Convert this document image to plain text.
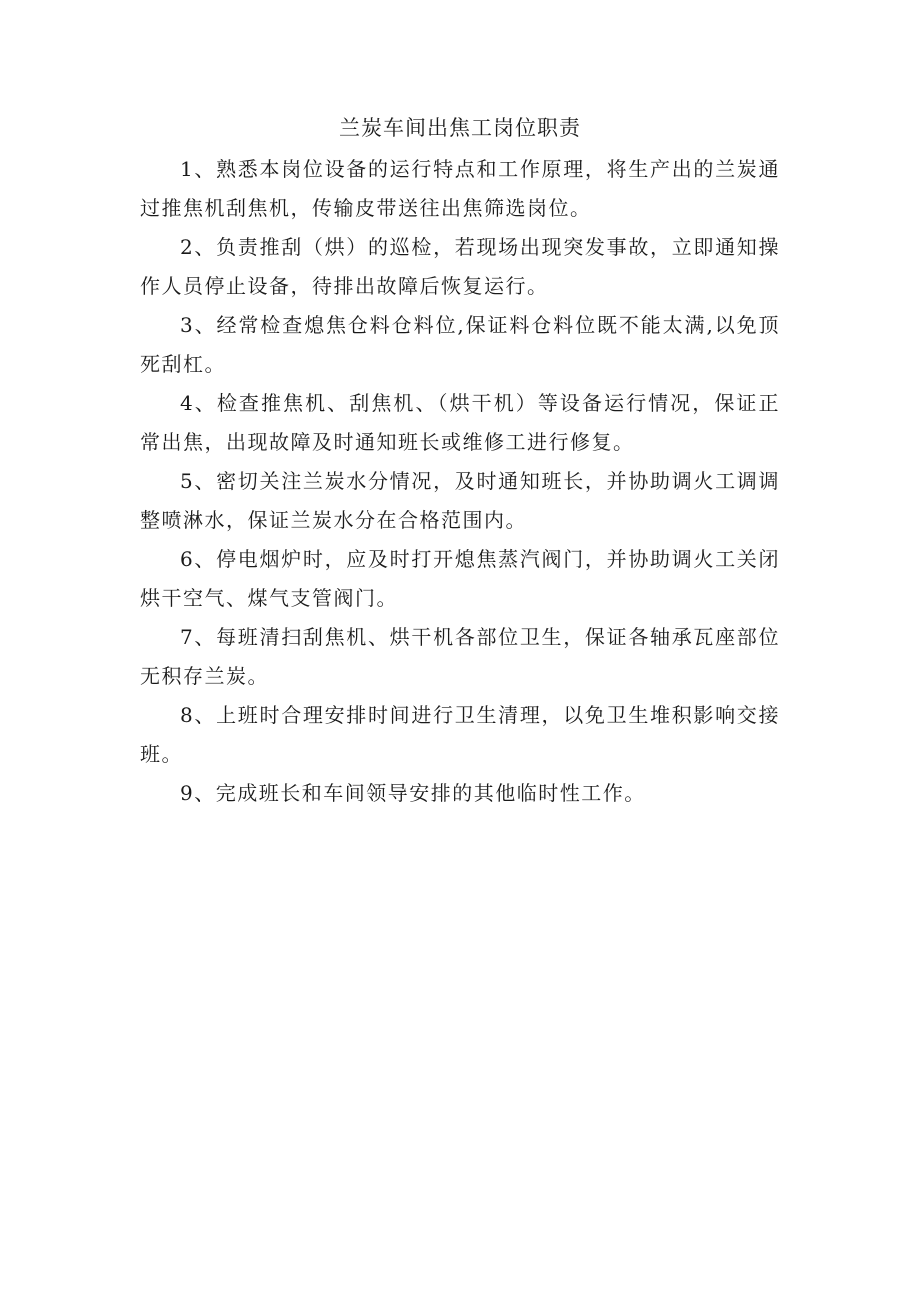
兰炭车间出焦工岗位职责

1、熟悉本岗位设备的运行特点和工作原理，将生产出的兰炭通过推焦机刮焦机，传输皮带送往出焦筛选岗位。

2、负责推刮（烘）的巡检，若现场出现突发事故，立即通知操作人员停止设备，待排出故障后恢复运行。

3、经常检查熄焦仓料仓料位,保证料仓料位既不能太满,以免顶死刮杠。

4、检查推焦机、刮焦机、（烘干机）等设备运行情况，保证正常出焦，出现故障及时通知班长或维修工进行修复。

5、密切关注兰炭水分情况，及时通知班长，并协助调火工调调整喷淋水，保证兰炭水分在合格范围内。

6、停电烟炉时，应及时打开熄焦蒸汽阀门，并协助调火工关闭烘干空气、煤气支管阀门。

7、每班清扫刮焦机、烘干机各部位卫生，保证各轴承瓦座部位无积存兰炭。

8、上班时合理安排时间进行卫生清理，以免卫生堆积影响交接班。

9、完成班长和车间领导安排的其他临时性工作。
